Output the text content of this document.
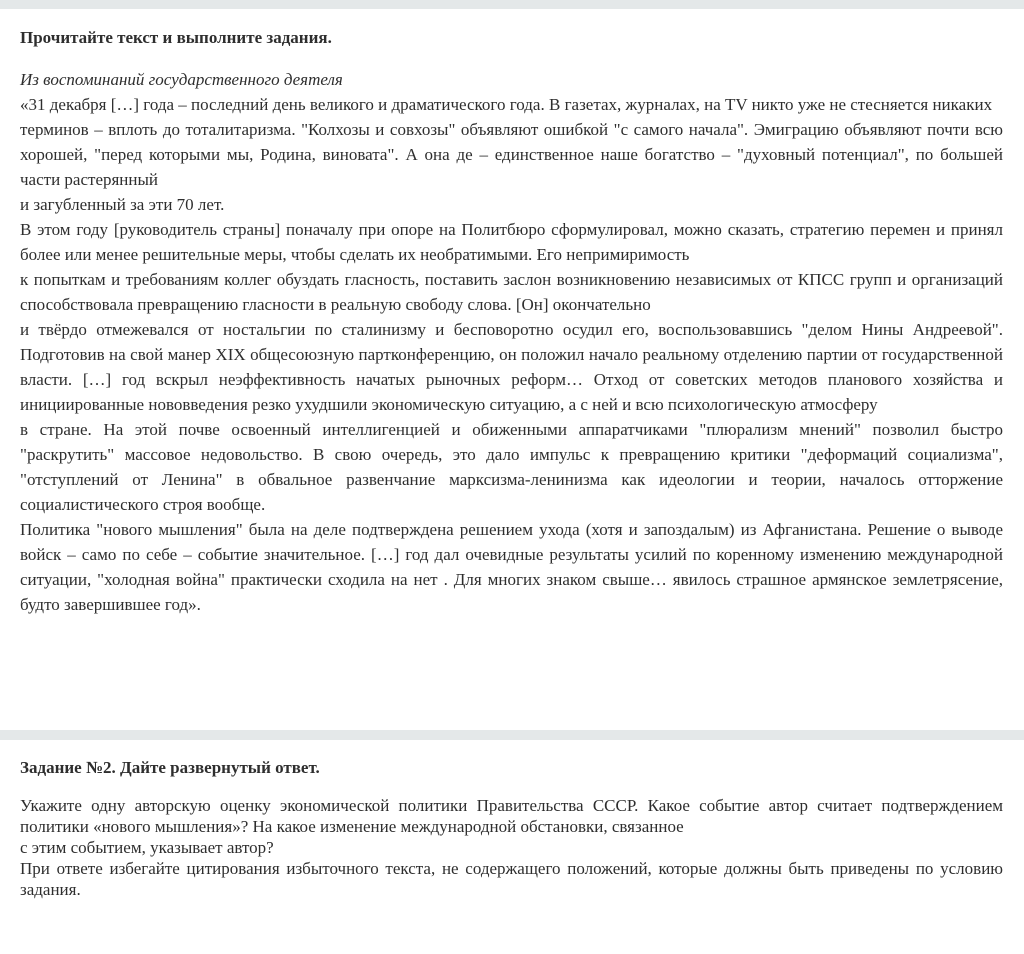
Прочитайте текст и выполните задания.

Из воспоминаний государственного деятеля

«31 декабря […] года – последний день великого и драматического года. В газетах, журналах, на TV никто уже не стесняется никаких

терминов – вплоть до тоталитаризма. "Колхозы и совхозы" объявляют ошибкой "с самого начала". Эмиграцию объявляют почти всю хорошей, "перед которыми мы, Родина, виновата". А она де – единственное наше богатство – "духовный потенциал", по большей части растерянный

и загубленный за эти 70 лет.

В этом году [руководитель страны] поначалу при опоре на Политбюро сформулировал, можно сказать, стратегию перемен и принял более или менее решительные меры, чтобы сделать их необратимыми. Его непримиримость

к попыткам и требованиям коллег обуздать гласность, поставить заслон возникновению независимых от КПСС групп и организаций способствовала превращению гласности в реальную свободу слова. [Он] окончательно

и твёрдо отмежевался от ностальгии по сталинизму и бесповоротно осудил его, воспользовавшись "делом Нины Андреевой". Подготовив на свой манер XIX общесоюзную партконференцию, он положил начало реальному отделению партии от государственной власти. […] год вскрыл неэффективность начатых рыночных реформ… Отход от советских методов планового хозяйства и инициированные нововведения резко ухудшили экономическую ситуацию, а с ней и всю психологическую атмосферу

в стране. На этой почве освоенный интеллигенцией и обиженными аппаратчиками "плюрализм мнений" позволил быстро "раскрутить" массовое недовольство. В свою очередь, это дало импульс к превращению критики "деформаций социализма", "отступлений от Ленина" в обвальное развенчание марксизма-ленинизма как идеологии и теории, началось отторжение социалистического строя вообще.

Политика "нового мышления" была на деле подтверждена решением ухода (хотя и запоздалым) из Афганистана. Решение о выводе войск – само по себе – событие значительное. […] год дал очевидные результаты усилий по коренному изменению международной ситуации, "холодная война" практически сходила на нет . Для многих знаком свыше… явилось страшное армянское землетрясение, будто завершившее год».

Задание №2. Дайте развернутый ответ.

Укажите одну авторскую оценку экономической политики Правительства СССР. Какое событие автор считает подтверждением политики «нового мышления»? На какое изменение международной обстановки, связанное

с этим событием, указывает автор?

При ответе избегайте цитирования избыточного текста, не содержащего положений, которые должны быть приведены по условию задания.
